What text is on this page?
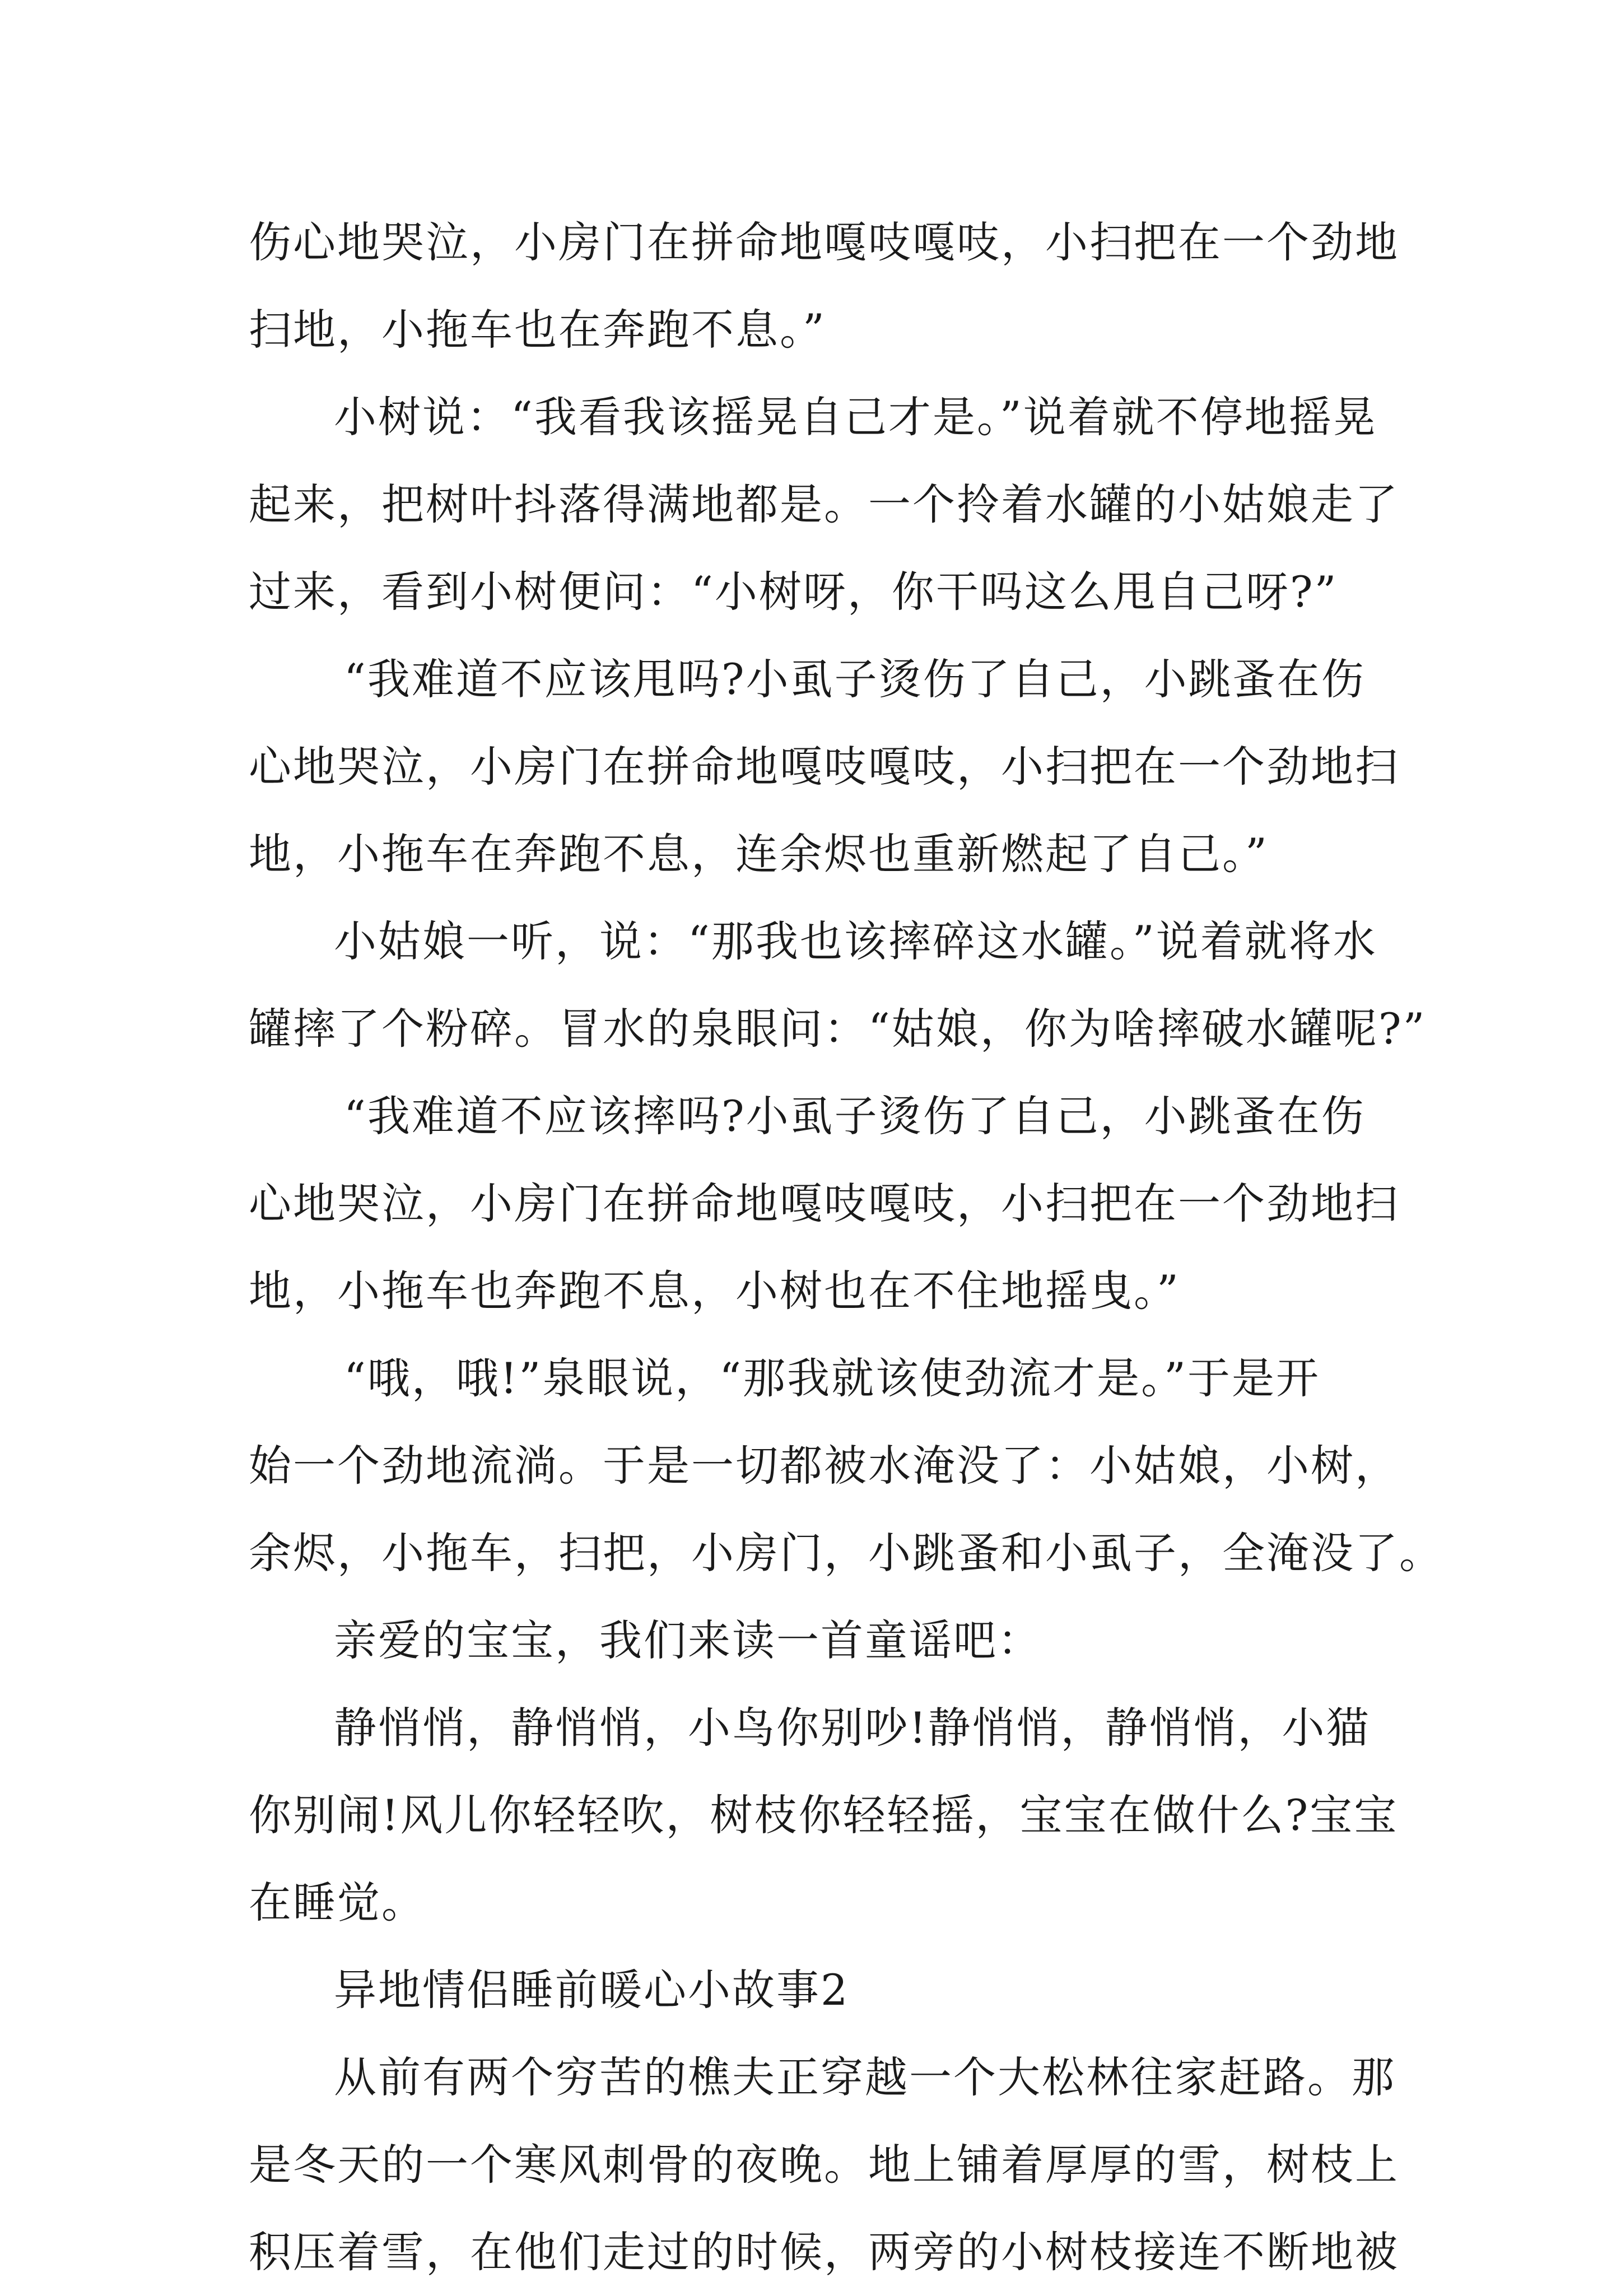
伤心地哭泣，小房门在拼命地嘎吱嘎吱，小扫把在一个劲地
扫地，小拖车也在奔跑不息。”
小树说：“我看我该摇晃自己才是。”说着就不停地摇晃
起来，把树叶抖落得满地都是。一个拎着水罐的小姑娘走了
过来，看到小树便问：“小树呀，你干吗这么甩自己呀?”
“我难道不应该甩吗?小虱子烫伤了自己，小跳蚤在伤
心地哭泣，小房门在拼命地嘎吱嘎吱，小扫把在一个劲地扫
地，小拖车在奔跑不息，连余烬也重新燃起了自己。”
小姑娘一听，说：“那我也该摔碎这水罐。”说着就将水
罐摔了个粉碎。冒水的泉眼问：“姑娘，你为啥摔破水罐呢?”
“我难道不应该摔吗?小虱子烫伤了自己，小跳蚤在伤
心地哭泣，小房门在拼命地嘎吱嘎吱，小扫把在一个劲地扫
地，小拖车也奔跑不息，小树也在不住地摇曳。”
“哦，哦!”泉眼说，“那我就该使劲流才是。”于是开
始一个劲地流淌。于是一切都被水淹没了：小姑娘，小树，
余烬，小拖车，扫把，小房门，小跳蚤和小虱子，全淹没了。
亲爱的宝宝，我们来读一首童谣吧：
静悄悄，静悄悄，小鸟你别吵!静悄悄，静悄悄，小猫
你别闹!风儿你轻轻吹，树枝你轻轻摇，宝宝在做什么?宝宝
在睡觉。
异地情侣睡前暖心小故事2
从前有两个穷苦的樵夫正穿越一个大松林往家赶路。那
是冬天的一个寒风刺骨的夜晚。地上铺着厚厚的雪，树枝上
积压着雪，在他们走过的时候，两旁的小树枝接连不断地被
